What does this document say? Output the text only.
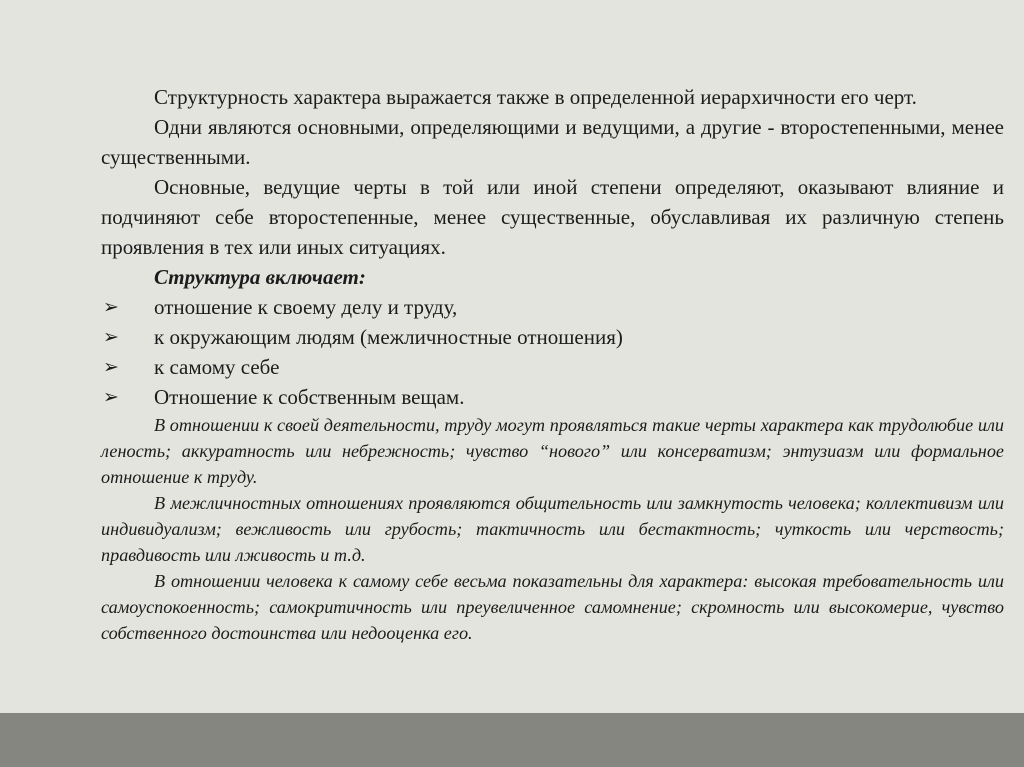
Структурность характера выражается также в определенной иерархичности его черт.

Одни являются основными, определяющими и ведущими, а другие - второстепенными, менее существенными.

Основные, ведущие черты в той или иной степени определяют, оказывают влияние и подчиняют себе второстепенные, менее существенные, обуславливая их различную степень проявления в тех или иных ситуациях.

Структура включает:

➢ отношение к своему делу и труду,
➢ к окружающим людям (межличностные отношения)
➢ к самому себе
➢ Отношение к собственным вещам.

В отношении к своей деятельности, труду могут проявляться такие черты характера как трудолюбие или леность; аккуратность или небрежность; чувство “нового” или консерватизм; энтузиазм или формальное отношение к труду.

В межличностных отношениях проявляются общительность или замкнутость человека; коллективизм или индивидуализм; вежливость или грубость; тактичность или бестактность; чуткость или черствость; правдивость или лживость и т.д.

В отношении человека к самому себе весьма показательны для характера: высокая требовательность или самоуспокоенность; самокритичность или преувеличенное самомнение; скромность или высокомерие, чувство собственного достоинства или недооценка его.
